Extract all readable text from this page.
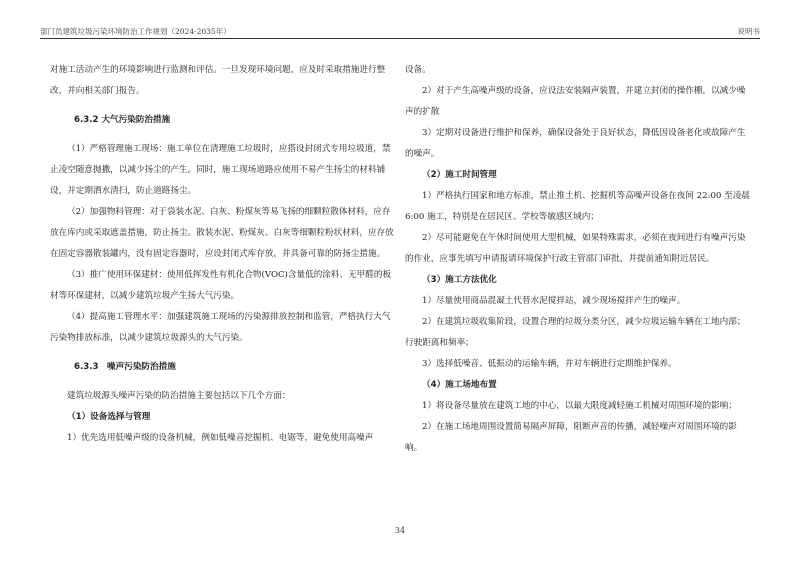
部门员建筑垃圾污染环境防治工作规划（2024-2035年）	说明书

对施工活动产生的环境影响进行监测和评估。一旦发现环境问题，应及时采取措施进行整改，并向相关部门报告。

6.3.2 大气污染防治措施

（1）严格管理施工现场：施工单位在清理施工垃圾时，应搭设封闭式专用垃圾道，禁止凌空随意抛撒，以减少扬尘的产生。同时，施工现场道路应使用不易产生扬尘的材料铺设，并定期洒水清扫，防止道路扬尘。

（2）加强物料管理：对于袋装水泥、白灰、粉煤灰等易飞扬的细颗粒散体材料，应存放在库内或采取遮盖措施，防止扬尘。散装水泥、粉煤灰、白灰等细颗粒粉状材料，应存放在固定容器散装罐内，没有固定容器时，应设封闭式库存放，并具备可靠的防扬尘措施。

（3）推广使用环保建材：使用低挥发性有机化合物(VOC)含量低的涂料、无甲醛的板材等环保建材，以减少建筑垃圾产生扬大气污染。

（4）提高施工管理水平：加强建筑施工现场的污染源排放控制和监管，严格执行大气污染物排放标准，以减少建筑垃圾源头的大气污染。

6.3.3　噪声污染防治措施

建筑垃圾源头噪声污染的防治措施主要包括以下几个方面：

（1）设备选择与管理

1）优先选用低噪声级的设备机械，例如低噪音挖掘机、电锯等，避免使用高噪声

设备。

2）对于产生高噪声级的设备，应设法安装隔声装置，并建立封闭的操作棚，以减少噪声的扩散

3）定期对设备进行维护和保养，确保设备处于良好状态，降低因设备老化或故障产生的噪声。

（2）施工时间管理

1）严格执行国家和地方标准，禁止推土机、挖掘机等高噪声设备在夜间 22:00 至凌晨 6:00 施工，特别是在居民区、学校等敏感区域内；

2）尽可能避免在午休时间使用大型机械，如果特殊需求，必须在夜间进行有噪声污染的作业，应事先填写申请报请环境保护行政主管部门审批，并提前通知附近居民。

（3）施工方法优化

1）尽量使用商品混凝土代替水泥搅拌站，减少现场搅拌产生的噪声。

2）在建筑垃圾收集阶段，设置合理的垃圾分类分区，减少垃圾运输车辆在工地内部；行驶距离和频率；

3）选择低噪音、低振动的运输车辆，并对车辆进行定期维护保养。

（4）施工场地布置

1）将设备尽量放在建筑工地的中心，以最大限度减轻施工机械对周围环境的影响；

2）在施工场地周围设置简易隔声屏障，阻断声音的传播，减轻噪声对周围环境的影响。

34
